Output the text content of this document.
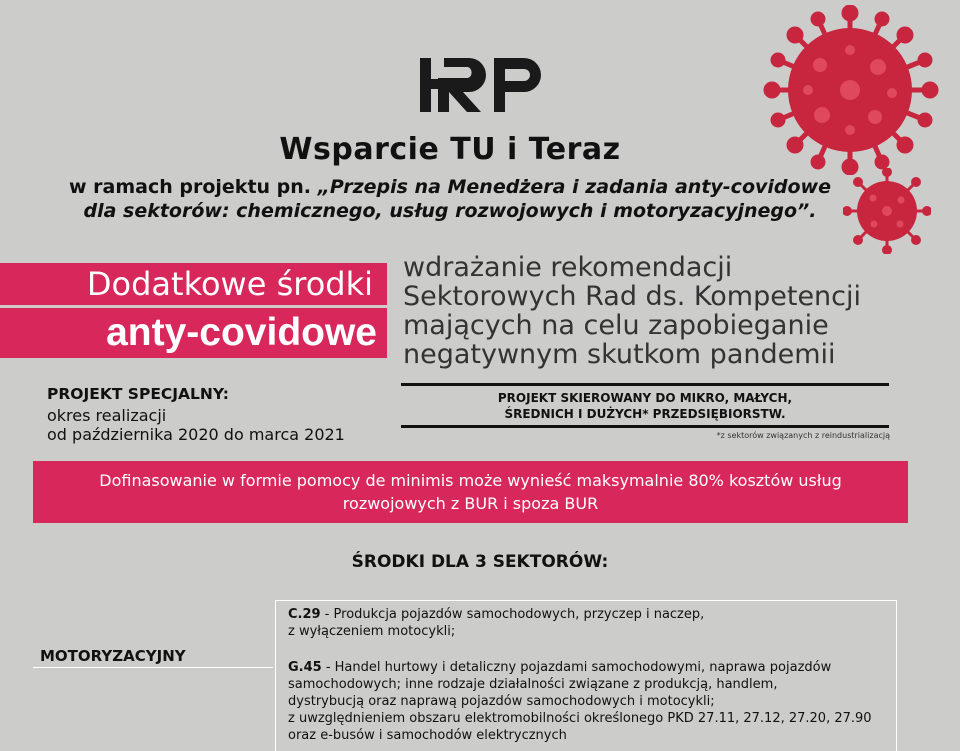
Wsparcie TU i Teraz
w ramach projektu pn. „Przepis na Menedżera i zadania anty-covidowe
dla sektorów: chemicznego, usług rozwojowych i motoryzacyjnego”.
Dodatkowe środki
anty-covidowe
wdrażanie rekomendacji
Sektorowych Rad ds. Kompetencji
mających na celu zapobieganie
negatywnym skutkom pandemii
PROJEKT SPECJALNY:
okres realizacji
od października 2020 do marca 2021
PROJEKT SKIEROWANY DO MIKRO, MAŁYCH,
ŚREDNICH I DUŻYCH* PRZEDSIĘBIORSTW.
*z sektorów związanych z reindustrializacją
Dofinasowanie w formie pomocy de minimis może wynieść maksymalnie 80% kosztów usług rozwojowych z BUR i spoza BUR
ŚRODKI DLA 3 SEKTORÓW:
MOTORYZACYJNY
C.29 - Produkcja pojazdów samochodowych, przyczep i naczep,
z wyłączeniem motocykli;
G.45 - Handel hurtowy i detaliczny pojazdami samochodowymi, naprawa pojazdów
samochodowych; inne rodzaje działalności związane z produkcją, handlem,
dystrybucją oraz naprawą pojazdów samochodowych i motocykli;
z uwzględnieniem obszaru elektromobilności określonego PKD 27.11, 27.12, 27.20, 27.90
oraz e-busów i samochodów elektrycznych
